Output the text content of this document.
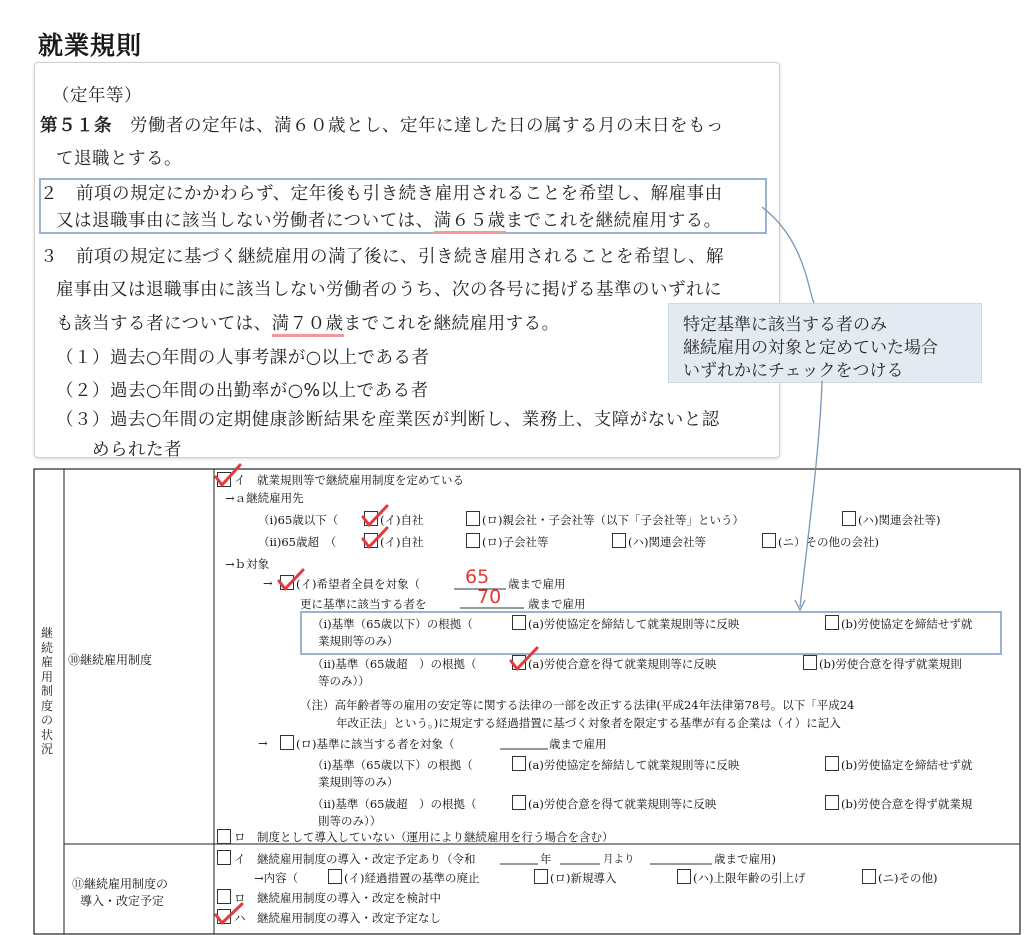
就業規則
（定年等）
第５１条　労働者の定年は、満６０歳とし、定年に達した日の属する月の末日をもっ
て退職とする。
２　前項の規定にかかわらず、定年後も引き続き雇用されることを希望し、解雇事由
又は退職事由に該当しない労働者については、満６５歳までこれを継続雇用する。
３　前項の規定に基づく継続雇用の満了後に、引き続き雇用されることを希望し、解
雇事由又は退職事由に該当しない労働者のうち、次の各号に掲げる基準のいずれに
も該当する者については、満７０歳までこれを継続雇用する。
（１）過去○年間の人事考課が○以上である者
（２）過去○年間の出勤率が○%以上である者
（３）過去○年間の定期健康診断結果を産業医が判断し、業務上、支障がないと認
められた者
特定基準に該当する者のみ
継続雇用の対象と定めていた場合
いずれかにチェックをつける
継続雇用制度の状況
⑩継続雇用制度
⑪継続雇用制度の
導入・改定予定
イ　就業規則等で継続雇用制度を定めている
→ａ継続雇用先
（ⅰ)65歳以下（	(イ)自社	(ロ)親会社・子会社等（以下「子会社等」という）	(ハ)関連会社等)
（ⅱ)65歳超　（	(イ)自社	(ロ)子会社等	(ハ)関連会社等	(ニ）その他の会社)
→ｂ対象
→ (イ)希望者全員を対象（ 65 歳まで雇用
更に基準に該当する者を	70 歳まで雇用
（ⅰ)基準（65歳以下）の根拠（	(a)労使協定を締結して就業規則等に反映	(b)労使協定を締結せず就
業規則等のみ）
（ⅱ)基準（65歳超　）の根拠（	(a)労使合意を得て就業規則等に反映	(b)労使合意を得ず就業規則
等のみ））
（注）高年齢者等の雇用の安定等に関する法律の一部を改正する法律(平成24年法律第78号。以下「平成24
年改正法」という。)に規定する経過措置に基づく対象者を限定する基準が有る企業は（イ）に記入
→ (ロ)基準に該当する者を対象（	歳まで雇用
（ⅰ)基準（65歳以下）の根拠（	(a)労使協定を締結して就業規則等に反映	(b)労使協定を締結せず就
業規則等のみ）
（ⅱ)基準（65歳超　）の根拠（	(a)労使合意を得て就業規則等に反映	(b)労使合意を得ず就業規
則等のみ））
ロ　制度として導入していない（運用により継続雇用を行う場合を含む）
イ　継続雇用制度の導入・改定予定あり（令和	年	月より	歳まで雇用)
→内容（	(イ)経過措置の基準の廃止	(ロ)新規導入	(ハ)上限年齢の引上げ	(ニ)その他)
ロ　継続雇用制度の導入・改定を検討中
ハ　継続雇用制度の導入・改定予定なし
